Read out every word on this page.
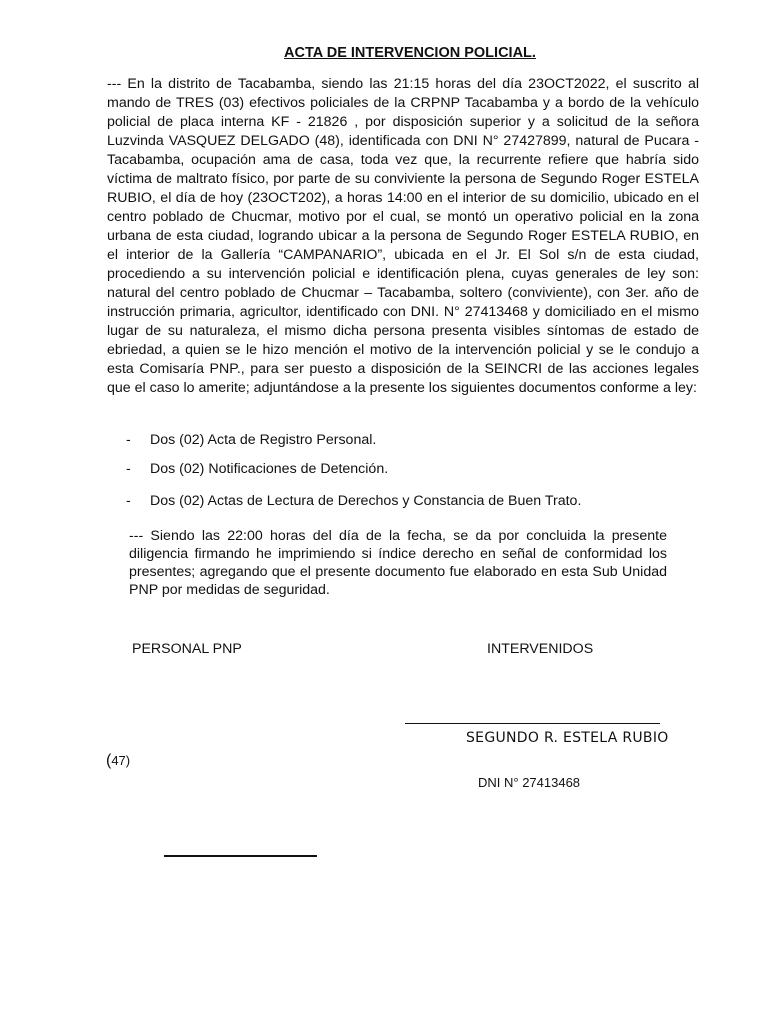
ACTA DE INTERVENCION POLICIAL.

--- En la distrito de Tacabamba, siendo las 21:15 horas del día 23OCT2022, el suscrito al mando de TRES (03) efectivos policiales de la CRPNP Tacabamba y a bordo de la vehículo policial de placa interna KF - 21826 , por disposición superior y a solicitud de la señora Luzvinda VASQUEZ DELGADO (48), identificada con DNI N° 27427899, natural de Pucara - Tacabamba, ocupación ama de casa, toda vez que, la recurrente refiere que habría sido víctima de maltrato físico, por parte de su conviviente la persona de Segundo Roger ESTELA RUBIO, el día de hoy (23OCT202), a horas 14:00 en el interior de su domicilio, ubicado en el centro poblado de Chucmar, motivo por el cual, se montó un operativo policial en la zona urbana de esta ciudad, logrando ubicar a la persona de Segundo Roger ESTELA RUBIO, en el interior de la Gallería “CAMPANARIO”, ubicada en el Jr. El Sol s/n de esta ciudad, procediendo a su intervención policial e identificación plena, cuyas generales de ley son: natural del centro poblado de Chucmar – Tacabamba, soltero (conviviente), con 3er. año de instrucción primaria, agricultor, identificado con DNI. N° 27413468 y domiciliado en el mismo lugar de su naturaleza, el mismo dicha persona presenta visibles síntomas de estado de ebriedad, a quien se le hizo mención el motivo de la intervención policial y se le condujo a esta Comisaría PNP., para ser puesto a disposición de la SEINCRI de las acciones legales que el caso lo amerite; adjuntándose a la presente los siguientes documentos conforme a ley:

- Dos (02) Acta de Registro Personal.
- Dos (02) Notificaciones de Detención.
- Dos (02) Actas de Lectura de Derechos y Constancia de Buen Trato.

--- Siendo las 22:00 horas del día de la fecha, se da por concluida la presente diligencia firmando he imprimiendo si índice derecho en señal de conformidad los presentes; agregando que el presente documento fue elaborado en esta Sub Unidad PNP por medidas de seguridad.

PERSONAL PNP	INTERVENIDOS
SEGUNDO R. ESTELA RUBIO
(47)
DNI N° 27413468
